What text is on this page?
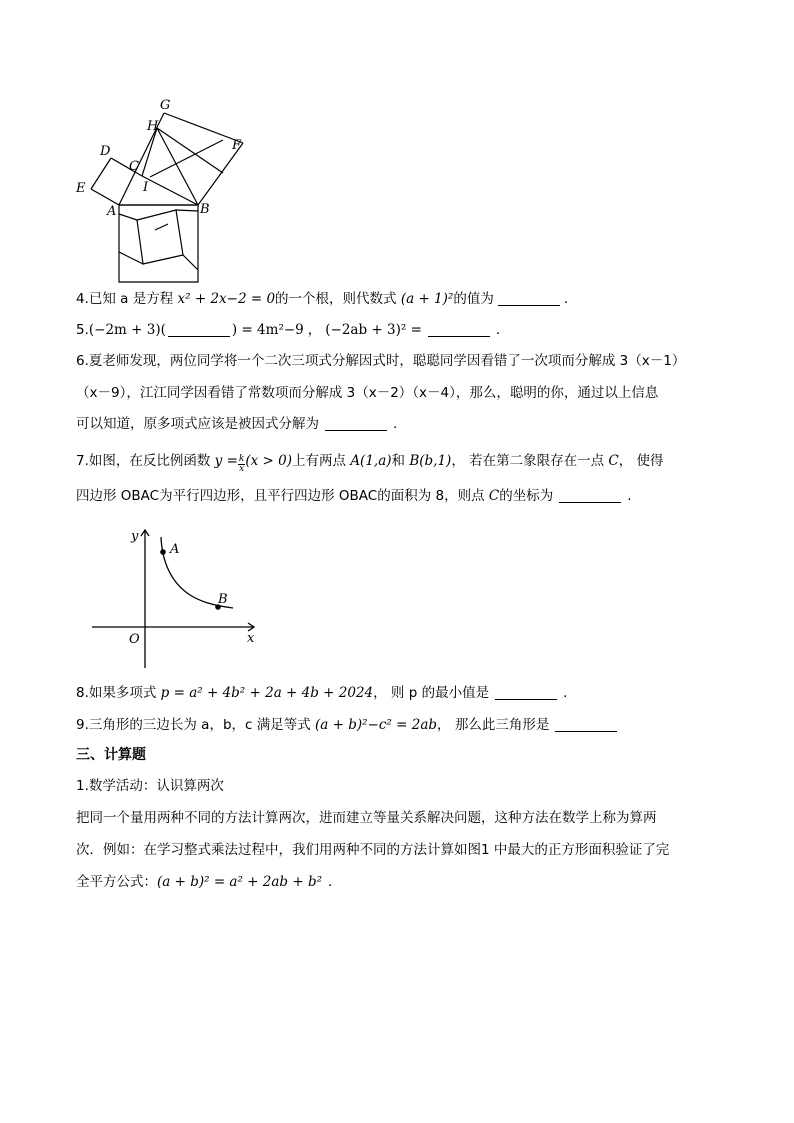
G
H
F
D
C
E	I
A	B
4.已知 a 是方程 x² + 2x−2 = 0的一个根，则代数式 (a + 1)²的值为	.
5.(−2m + 3)(	) = 4m²−9 ， (−2ab + 3)² =	.
6.夏老师发现，两位同学将一个二次三项式分解因式时，聪聪同学因看错了一次项而分解成 3（x－1）
（x－9），江江同学因看错了常数项而分解成 3（x－2）（x－4），那么，聪明的你，通过以上信息
可以知道，原多项式应该是被因式分解为	.
7.如图，在反比例函数 $y = \frac{k}{x} (x > 0)$上有两点 A(1,a)和 B(b,1)， 若在第二象限存在一点 C， 使得
四边形 OBAC为平行四边形，且平行四边形 OBAC的面积为 8，则点 C的坐标为	.
y
x
O
A
B
8.如果多项式 p = a² + 4b² + 2a + 4b + 2024， 则 p 的最小值是	.
9.三角形的三边长为 a，b，c 满足等式 (a + b)²−c² = 2ab， 那么此三角形是
三、计算题
1.数学活动：认识算两次
把同一个量用两种不同的方法计算两次，进而建立等量关系解决问题，这种方法在数学上称为算两
次．例如：在学习整式乘法过程中，我们用两种不同的方法计算如图1 中最大的正方形面积验证了完
全平方公式：(a + b)² = a² + 2ab + b² .
